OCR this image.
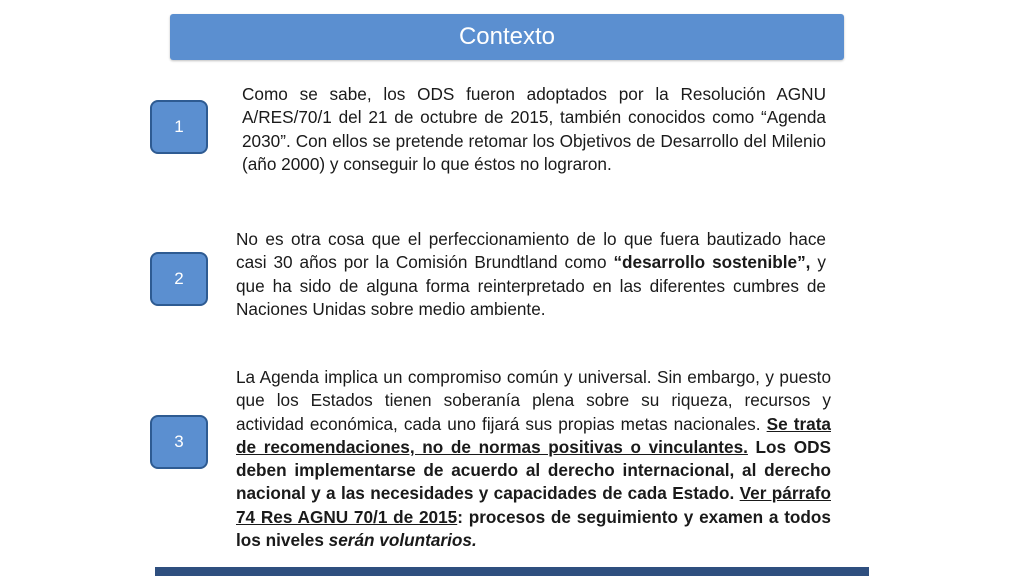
Contexto
1

Como se sabe, los ODS fueron adoptados por la Resolución AGNU A/RES/70/1 del 21 de octubre de 2015, también conocidos como “Agenda 2030”. Con ellos se pretende retomar los Objetivos de Desarrollo del Milenio (año 2000) y conseguir lo que éstos no lograron.

2

No es otra cosa que el perfeccionamiento de lo que fuera bautizado hace casi 30 años por la Comisión Brundtland como “desarrollo sostenible”, y que ha sido de alguna forma reinterpretado en las diferentes cumbres de Naciones Unidas sobre medio ambiente.

3

La Agenda implica un compromiso común y universal. Sin embargo, y puesto que los Estados tienen soberanía plena sobre su riqueza, recursos y actividad económica, cada uno fijará sus propias metas nacionales. Se trata de recomendaciones, no de normas positivas o vinculantes. Los ODS deben implementarse de acuerdo al derecho internacional, al derecho nacional y a las necesidades y capacidades de cada Estado. Ver párrafo 74 Res AGNU 70/1 de 2015: procesos de seguimiento y examen a todos los niveles serán voluntarios.
